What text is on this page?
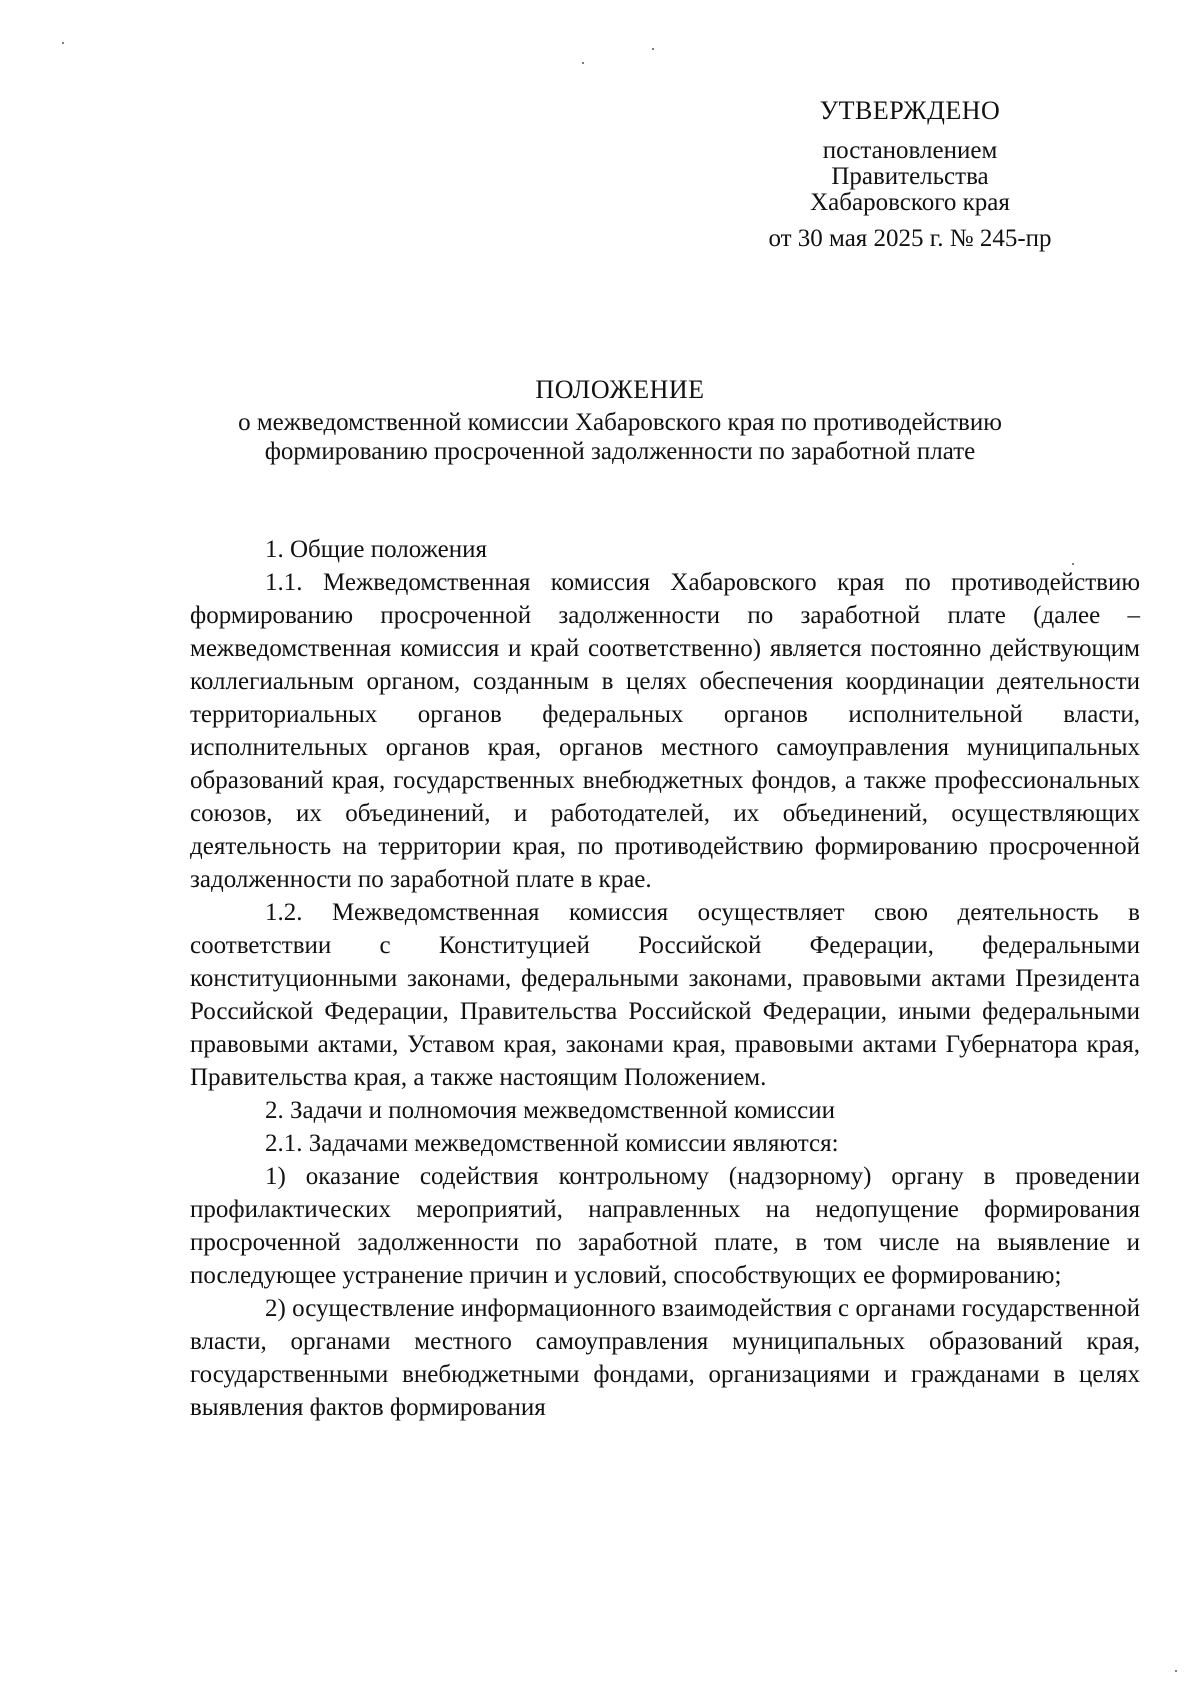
УТВЕРЖДЕНО
постановлением
Правительства
Хабаровского края
от 30 мая 2025 г. № 245-пр
ПОЛОЖЕНИЕ
о межведомственной комиссии Хабаровского края по противодействию
формированию просроченной задолженности по заработной плате

1. Общие положения

1.1. Межведомственная комиссия Хабаровского края по противодействию формированию просроченной задолженности по заработной плате (далее – межведомственная комиссия и край соответственно) является постоянно действующим коллегиальным органом, созданным в целях обеспечения координации деятельности территориальных органов федеральных органов исполнительной власти, исполнительных органов края, органов местного самоуправления муниципальных образований края, государственных внебюджетных фондов, а также профессиональных союзов, их объединений, и работодателей, их объединений, осуществляющих деятельность на территории края, по противодействию формированию просроченной задолженности по заработной плате в крае.

1.2. Межведомственная комиссия осуществляет свою деятельность в соответствии с Конституцией Российской Федерации, федеральными конституционными законами, федеральными законами, правовыми актами Президента Российской Федерации, Правительства Российской Федерации, иными федеральными правовыми актами, Уставом края, законами края, правовыми актами Губернатора края, Правительства края, а также настоящим Положением.

2. Задачи и полномочия межведомственной комиссии

2.1. Задачами межведомственной комиссии являются:

1) оказание содействия контрольному (надзорному) органу в проведении профилактических мероприятий, направленных на недопущение формирования просроченной задолженности по заработной плате, в том числе на выявление и последующее устранение причин и условий, способствующих ее формированию;

2) осуществление информационного взаимодействия с органами государственной власти, органами местного самоуправления муниципальных образований края, государственными внебюджетными фондами, организациями и гражданами в целях выявления фактов формирования
